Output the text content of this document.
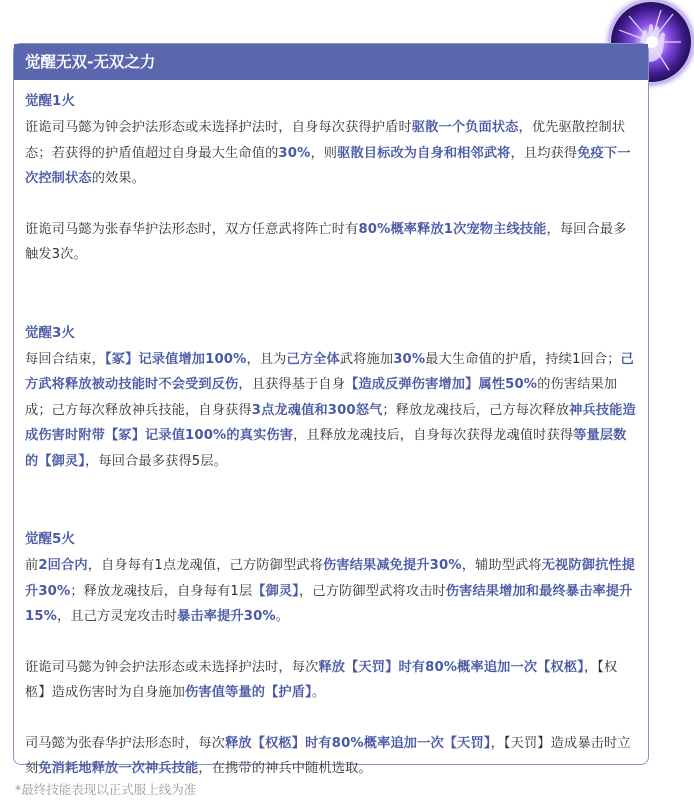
觉醒无双-无双之力
觉醒1火

诳诡司马懿为钟会护法形态或未选择护法时，自身每次获得护盾时驱散一个负面状态，优先驱散控制状态；若获得的护盾值超过自身最大生命值的30%，则驱散目标改为自身和相邻武将，且均获得免疫下一次控制状态的效果。

诳诡司马懿为张春华护法形态时，双方任意武将阵亡时有80%概率释放1次宠物主线技能，每回合最多触发3次。

觉醒3火

每回合结束，【冢】记录值增加100%，且为己方全体武将施加30%最大生命值的护盾，持续1回合；己方武将释放被动技能时不会受到反伤，且获得基于自身【造成反弹伤害增加】属性50%的伤害结果加成；己方每次释放神兵技能，自身获得3点龙魂值和300怒气；释放龙魂技后，己方每次释放神兵技能造成伤害时附带【冢】记录值100%的真实伤害，且释放龙魂技后，自身每次获得龙魂值时获得等量层数的【御灵】，每回合最多获得5层。

觉醒5火

前2回合内，自身每有1点龙魂值，己方防御型武将伤害结果减免提升30%，辅助型武将无视防御抗性提升30%；释放龙魂技后，自身每有1层【御灵】，己方防御型武将攻击时伤害结果增加和最终暴击率提升15%，且己方灵宠攻击时暴击率提升30%。

诳诡司马懿为钟会护法形态或未选择护法时，每次释放【天罚】时有80%概率追加一次【权柩】，【权柩】造成伤害时为自身施加伤害值等量的【护盾】。

司马懿为张春华护法形态时，每次释放【权柩】时有80%概率追加一次【天罚】，【天罚】造成暴击时立刻免消耗地释放一次神兵技能，在携带的神兵中随机选取。

*最终技能表现以正式服上线为准
